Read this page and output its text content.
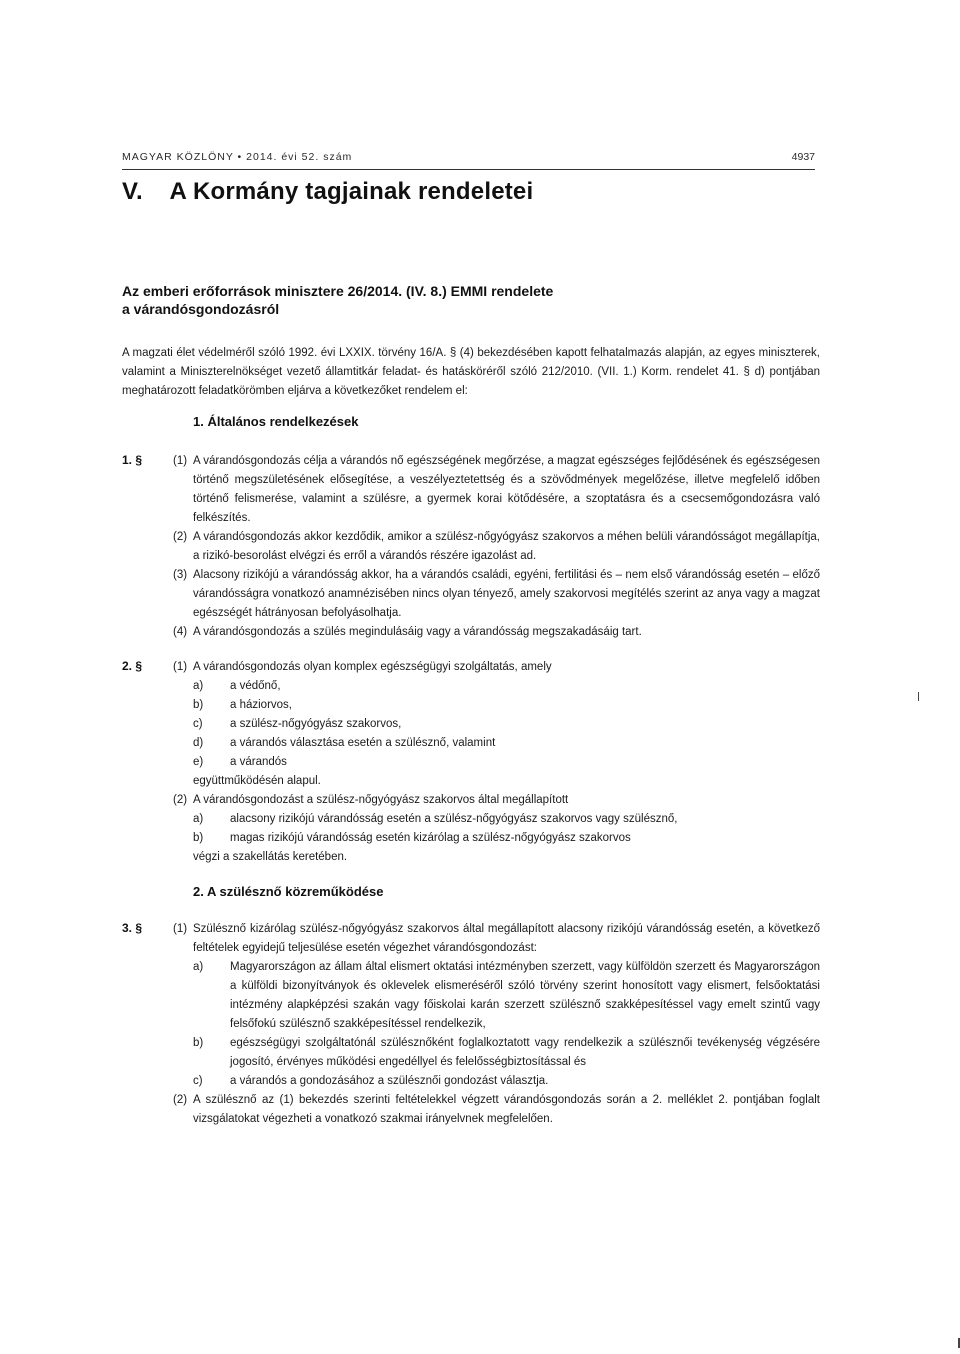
MAGYAR KÖZLÖNY • 2014. évi 52. szám	4937
V.    A Kormány tagjainak rendeletei
Az emberi erőforrások minisztere 26/2014. (IV. 8.) EMMI rendelete a várandósgondozásról
A magzati élet védelméről szóló 1992. évi LXXIX. törvény 16/A. § (4) bekezdésében kapott felhatalmazás alapján, az egyes miniszterek, valamint a Miniszterelnökséget vezető államtitkár feladat- és hatásköréről szóló 212/2010. (VII. 1.) Korm. rendelet 41. § d) pontjában meghatározott feladatkörömben eljárva a következőket rendelem el:
1. Általános rendelkezések
1. §	(1) A várandósgondozás célja a várandós nő egészségének megőrzése, a magzat egészséges fejlődésének és egészségesen történő megszületésének elősegítése, a veszélyeztetettség és a szövődmények megelőzése, illetve megfelelő időben történő felismerése, valamint a szülésre, a gyermek korai kötődésére, a szoptatásra és a csecsemőgondozásra való felkészítés.
(2) A várandósgondozás akkor kezdődik, amikor a szülész-nőgyógyász szakorvos a méhen belüli várandósságot megállapítja, a rizikó-besorolást elvégzi és erről a várandós részére igazolást ad.
(3) Alacsony rizikójú a várandósság akkor, ha a várandós családi, egyéni, fertilitási és – nem első várandósság esetén – előző várandósságra vonatkozó anamnézisében nincs olyan tényező, amely szakorvosi megítélés szerint az anya vagy a magzat egészségét hátrányosan befolyásolhatja.
(4) A várandósgondozás a szülés megindulásáig vagy a várandósság megszakadásáig tart.
2. §	(1) A várandósgondozás olyan komplex egészségügyi szolgáltatás, amely
a) a védőnő,
b) a háziorvos,
c) a szülész-nőgyógyász szakorvos,
d) a várandós választása esetén a szülésznő, valamint
e) a várandós
együttműködésén alapul.
(2) A várandósgondozást a szülész-nőgyógyász szakorvos által megállapított
a) alacsony rizikójú várandósság esetén a szülész-nőgyógyász szakorvos vagy szülésznő,
b) magas rizikójú várandósság esetén kizárólag a szülész-nőgyógyász szakorvos
végzi a szakellátás keretében.
2. A szülésznő közreműködése
3. §	(1) Szülésznő kizárólag szülész-nőgyógyász szakorvos által megállapított alacsony rizikójú várandósság esetén, a következő feltételek egyidejű teljesülése esetén végezhet várandósgondozást:
a) Magyarországon az állam által elismert oktatási intézményben szerzett, vagy külföldön szerzett és Magyarországon a külföldi bizonyítványok és oklevelek elismeréséről szóló törvény szerint honosított vagy elismert, felsőoktatási intézmény alapképzési szakán vagy főiskolai karán szerzett szülésznő szakképesítéssel vagy emelt szintű vagy felsőfokú szülésznő szakképesítéssel rendelkezik,
b) egészségügyi szolgáltatónál szülésznőként foglalkoztatott vagy rendelkezik a szülésznői tevékenység végzésére jogosító, érvényes működési engedéllyel és felelősségbiztosítással és
c) a várandós a gondozásához a szülésznői gondozást választja.
(2) A szülésznő az (1) bekezdés szerinti feltételekkel végzett várandósgondozás során a 2. melléklet 2. pontjában foglalt vizsgálatokat végezheti a vonatkozó szakmai irányelvnek megfelelően.
